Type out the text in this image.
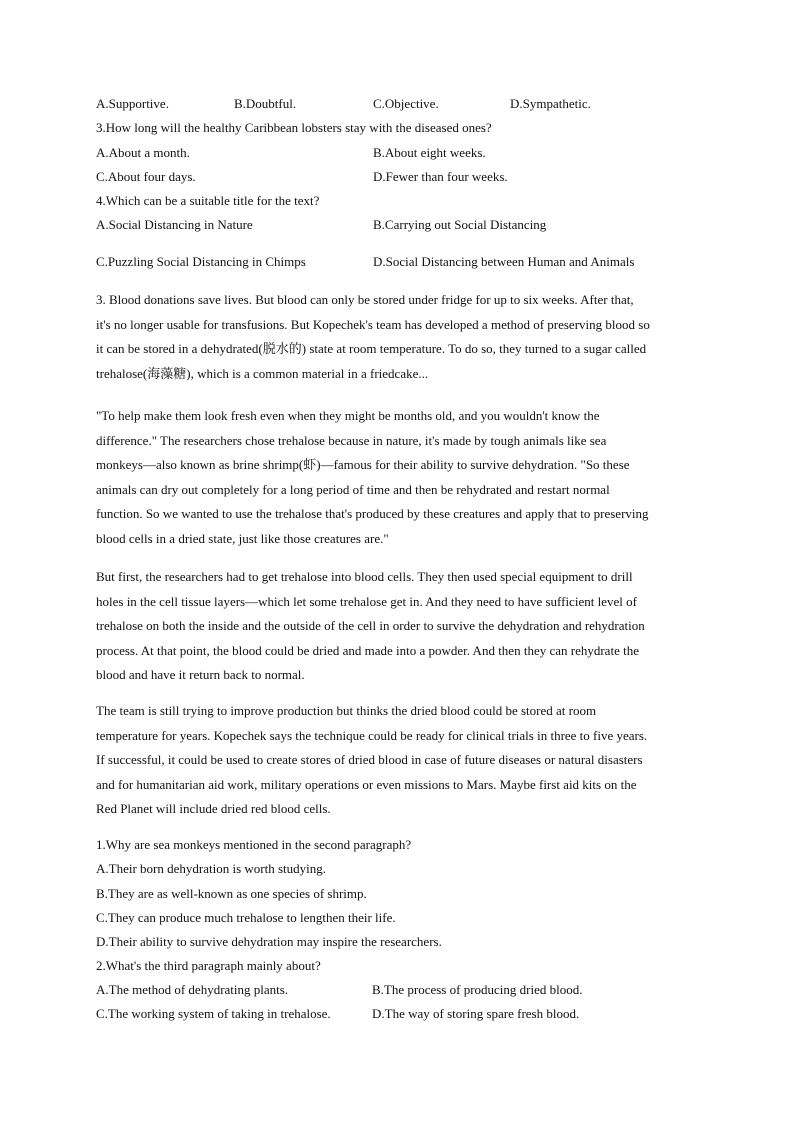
A.Supportive.	B.Doubtful.	C.Objective.	D.Sympathetic.
3.How long will the healthy Caribbean lobsters stay with the diseased ones?
A.About a month.	B.About eight weeks.
C.About four days.	D.Fewer than four weeks.
4.Which can be a suitable title for the text?
A.Social Distancing in Nature	B.Carrying out Social Distancing
C.Puzzling Social Distancing in Chimps	D.Social Distancing between Human and Animals
3. Blood donations save lives. But blood can only be stored under fridge for up to six weeks. After that,
it's no longer usable for transfusions. But Kopechek's team has developed a method of preserving blood so
it can be stored in a dehydrated(脱水的) state at room temperature. To do so, they turned to a sugar called
trehalose(海藻糖), which is a common material in a friedcake...
"To help make them look fresh even when they might be months old, and you wouldn't know the
difference." The researchers chose trehalose because in nature, it's made by tough animals like sea
monkeys—also known as brine shrimp(虾)—famous for their ability to survive dehydration. "So these
animals can dry out completely for a long period of time and then be rehydrated and restart normal
function. So we wanted to use the trehalose that's produced by these creatures and apply that to preserving
blood cells in a dried state, just like those creatures are."
But first, the researchers had to get trehalose into blood cells. They then used special equipment to drill
holes in the cell tissue layers—which let some trehalose get in. And they need to have sufficient level of
trehalose on both the inside and the outside of the cell in order to survive the dehydration and rehydration
process. At that point, the blood could be dried and made into a powder. And then they can rehydrate the
blood and have it return back to normal.
The team is still trying to improve production but thinks the dried blood could be stored at room
temperature for years. Kopechek says the technique could be ready for clinical trials in three to five years.
If successful, it could be used to create stores of dried blood in case of future diseases or natural disasters
and for humanitarian aid work, military operations or even missions to Mars. Maybe first aid kits on the
Red Planet will include dried red blood cells.
1.Why are sea monkeys mentioned in the second paragraph?
A.Their born dehydration is worth studying.
B.They are as well-known as one species of shrimp.
C.They can produce much trehalose to lengthen their life.
D.Their ability to survive dehydration may inspire the researchers.
2.What's the third paragraph mainly about?
A.The method of dehydrating plants.	B.The process of producing dried blood.
C.The working system of taking in trehalose.	D.The way of storing spare fresh blood.
